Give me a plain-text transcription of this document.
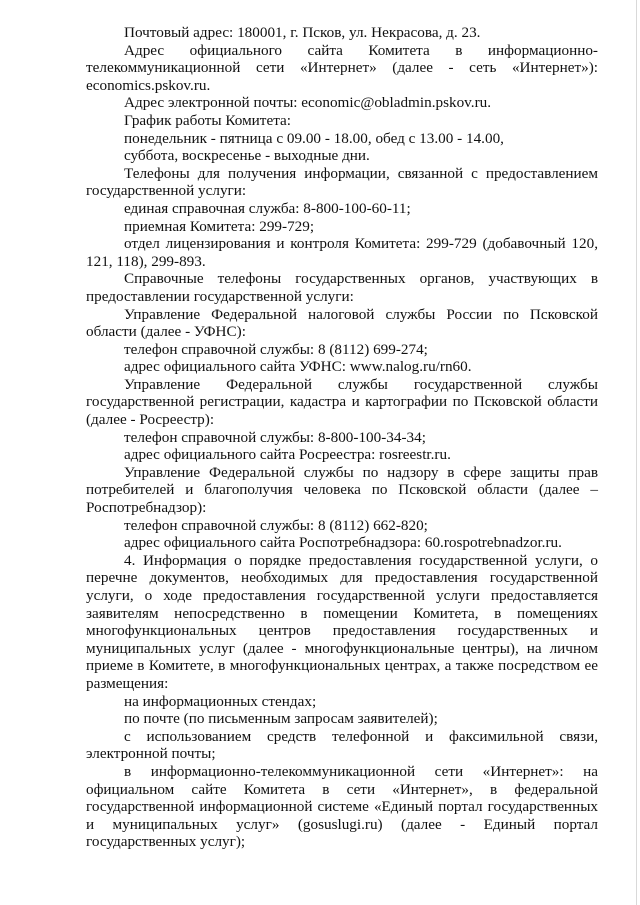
Почтовый адрес: 180001, г. Псков, ул. Некрасова, д. 23.

Адрес официального сайта Комитета в информационно-телекоммуникационной сети «Интернет» (далее - сеть «Интернет»): economics.pskov.ru.

Адрес электронной почты: economic@obladmin.pskov.ru.

График работы Комитета:

понедельник - пятница с 09.00 - 18.00, обед с 13.00 - 14.00,

суббота, воскресенье - выходные дни.

Телефоны для получения информации, связанной с предоставлением государственной услуги:

единая справочная служба: 8-800-100-60-11;

приемная Комитета: 299-729;

отдел лицензирования и контроля Комитета: 299-729 (добавочный 120, 121, 118), 299-893.

Справочные телефоны государственных органов, участвующих в предоставлении государственной услуги:

Управление Федеральной налоговой службы России по Псковской области (далее - УФНС):

телефон справочной службы: 8 (8112) 699-274;

адрес официального сайта УФНС: www.nalog.ru/rn60.

Управление Федеральной службы государственной службы государственной регистрации, кадастра и картографии по Псковской области (далее - Росреестр):

телефон справочной службы: 8-800-100-34-34;

адрес официального сайта Росреестра: rosreestr.ru.

Управление Федеральной службы по надзору в сфере защиты прав потребителей и благополучия человека по Псковской области (далее – Роспотребнадзор):

телефон справочной службы: 8 (8112) 662-820;

адрес официального сайта Роспотребнадзора: 60.rospotrebnadzor.ru.

4. Информация о порядке предоставления государственной услуги, о перечне документов, необходимых для предоставления государственной услуги, о ходе предоставления государственной услуги предоставляется заявителям непосредственно в помещении Комитета, в помещениях многофункциональных центров предоставления государственных и муниципальных услуг (далее - многофункциональные центры), на личном приеме в Комитете, в многофункциональных центрах, а также посредством ее размещения:

на информационных стендах;

по почте (по письменным запросам заявителей);

с использованием средств телефонной и факсимильной связи, электронной почты;

в информационно-телекоммуникационной сети «Интернет»: на официальном сайте Комитета в сети «Интернет», в федеральной государственной информационной системе «Единый портал государственных и муниципальных услуг» (gosuslugi.ru) (далее - Единый портал государственных услуг);
